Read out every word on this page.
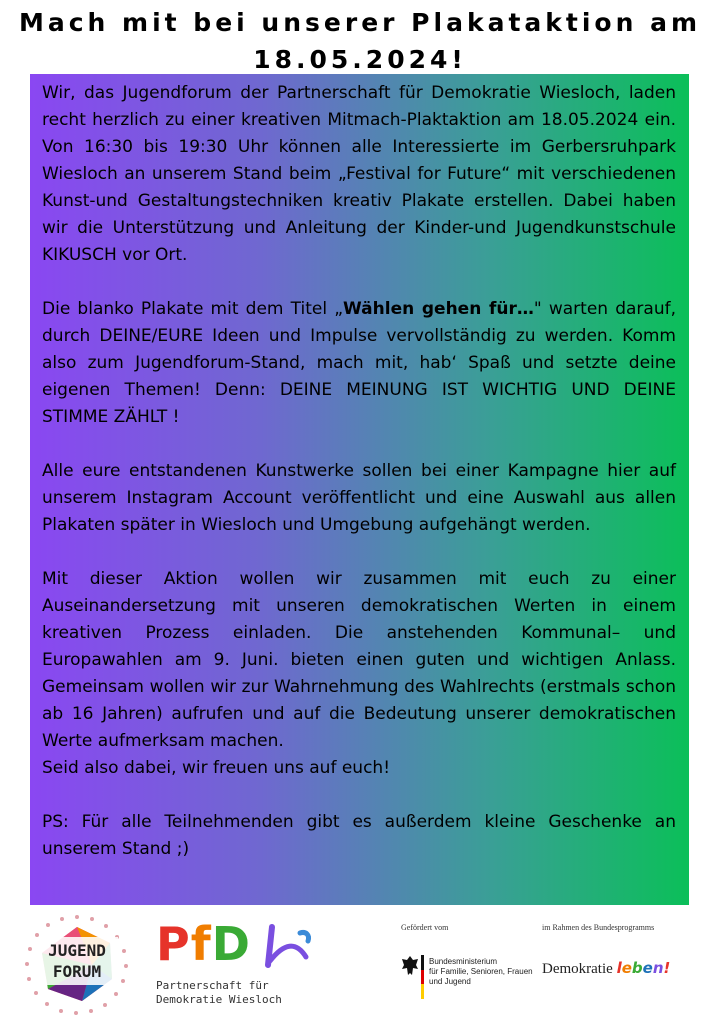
Mach mit bei unserer Plakataktion am
18.05.2024!

Wir, das Jugendforum der Partnerschaft für Demokratie Wiesloch, laden recht herzlich zu einer kreativen Mitmach-Plaktaktion am 18.05.2024 ein. Von 16:30 bis 19:30 Uhr können alle Interessierte im Gerbersruhpark Wiesloch an unserem Stand beim „Festival for Future“ mit verschiedenen Kunst-und Gestaltungstechniken kreativ Plakate erstellen. Dabei haben wir die Unterstützung und Anleitung der Kinder-und Jugendkunstschule KIKUSCH vor Ort.

Die blanko Plakate mit dem Titel „Wählen gehen für…" warten darauf, durch DEINE/EURE Ideen und Impulse vervollständig zu werden. Komm also zum Jugendforum-Stand, mach mit, hab‘ Spaß und setzte deine eigenen Themen! Denn: DEINE MEINUNG IST WICHTIG UND DEINE STIMME ZÄHLT !

Alle eure entstandenen Kunstwerke sollen bei einer Kampagne hier auf unserem Instagram Account veröffentlicht und eine Auswahl aus allen Plakaten später in Wiesloch und Umgebung aufgehängt werden.

Mit dieser Aktion wollen wir zusammen mit euch zu einer Auseinandersetzung mit unseren demokratischen Werten in einem kreativen Prozess einladen. Die anstehenden Kommunal– und Europawahlen am 9. Juni. bieten einen guten und wichtigen Anlass. Gemeinsam wollen wir zur Wahrnehmung des Wahlrechts (erstmals schon ab 16 Jahren) aufrufen und auf die Bedeutung unserer demokratischen Werte aufmerksam machen.
Seid also dabei, wir freuen uns auf euch!

PS: Für alle Teilnehmenden gibt es außerdem kleine Geschenke an unserem Stand ;)

JUGEND
FORUM
PfD
Partnerschaft für
Demokratie Wiesloch
Gefördert vom
Bundesministerium
für Familie, Senioren, Frauen
und Jugend
im Rahmen des Bundesprogramms
Demokratie leben!
